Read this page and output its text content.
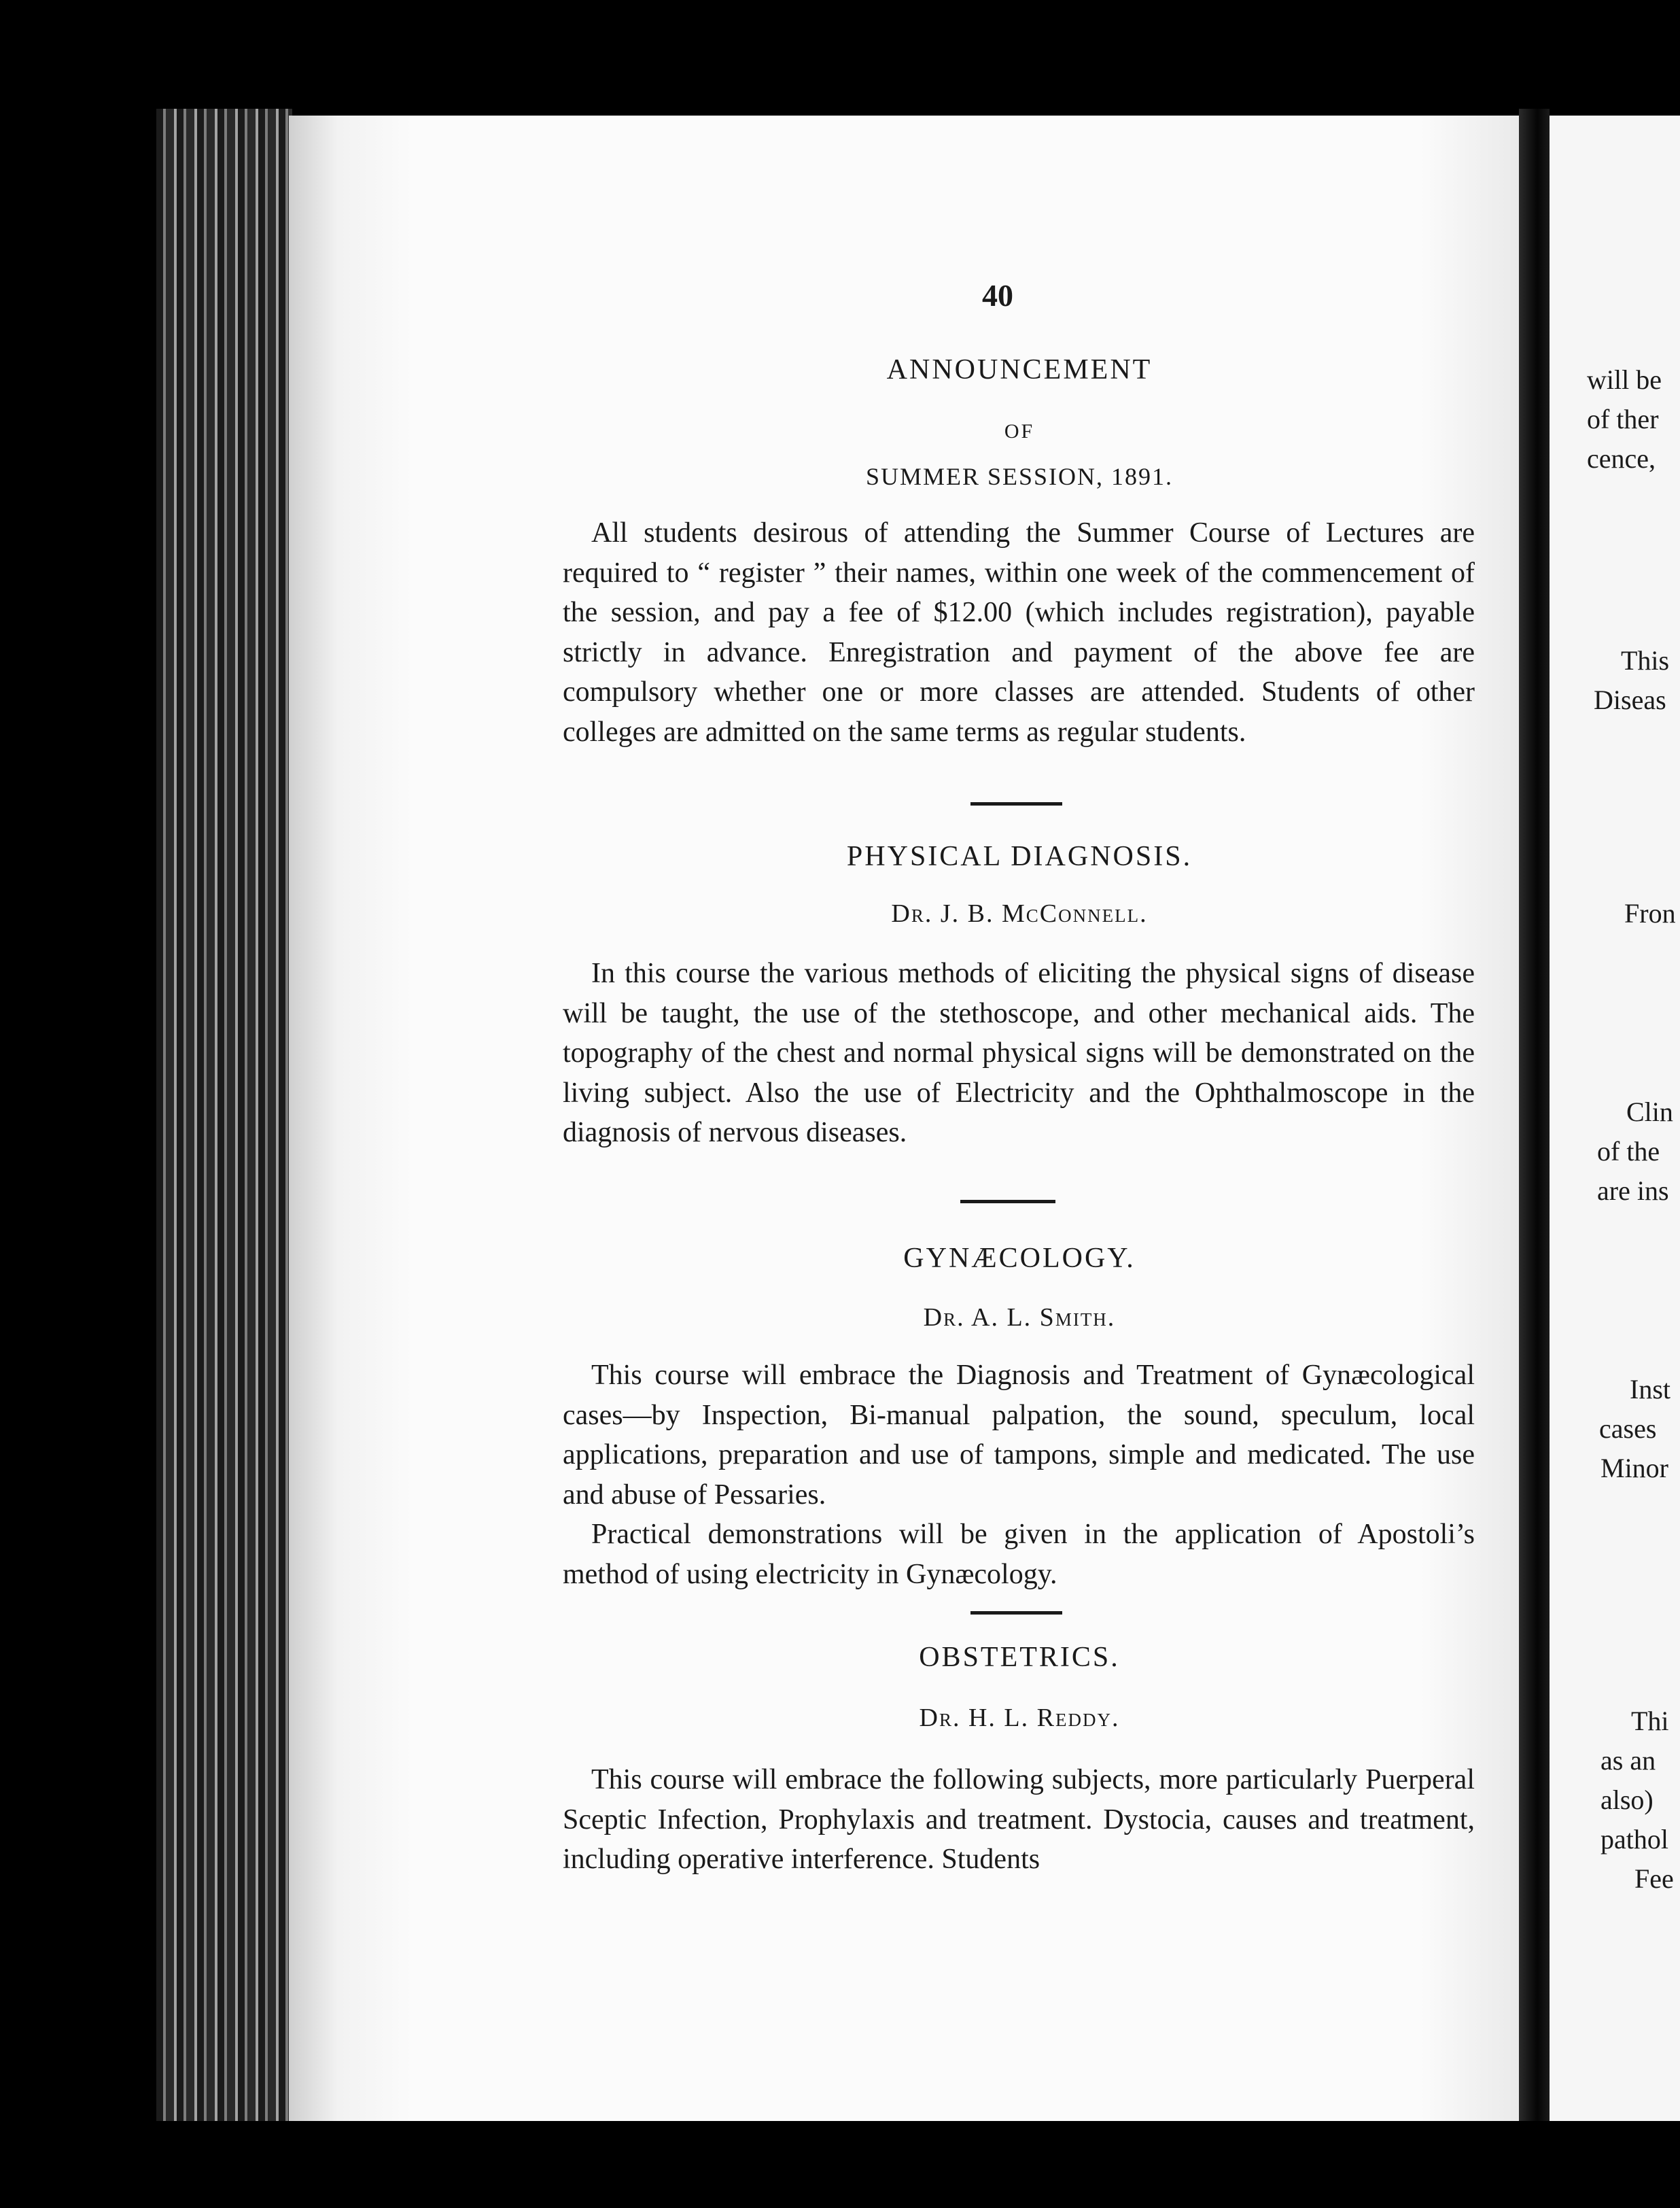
40
ANNOUNCEMENT
OF
SUMMER SESSION, 1891.

All students desirous of attending the Summer Course of Lectures are required to “ register ” their names, within one week of the commencement of the session, and pay a fee of $12.00 (which includes registration), payable strictly in advance. Enregistration and payment of the above fee are compulsory whether one or more classes are attended. Students of other colleges are admitted on the same terms as regular students.

PHYSICAL DIAGNOSIS.
Dr. J. B. McConnell.

In this course the various methods of eliciting the physical signs of disease will be taught, the use of the stethoscope, and other mechanical aids. The topography of the chest and normal physical signs will be demonstrated on the living subject. Also the use of Electricity and the Ophthalmoscope in the diagnosis of nervous diseases.

GYNÆCOLOGY.
Dr. A. L. Smith.

This course will embrace the Diagnosis and Treatment of Gynæcological cases—by Inspection, Bi-manual palpation, the sound, speculum, local applications, preparation and use of tampons, simple and medicated. The use and abuse of Pessaries.

Practical demonstrations will be given in the application of Apostoli’s method of using electricity in Gynæcology.

OBSTETRICS.
Dr. H. L. Reddy.

This course will embrace the following subjects, more particularly Puerperal Sceptic Infection, Prophylaxis and treatment. Dystocia, causes and treatment, including operative interference. Students

will be
of ther
cence,
This
Diseas
Fron
Clin
of the
are ins
Inst
cases
Minor
Thi
as an
also)
pathol
Fee
